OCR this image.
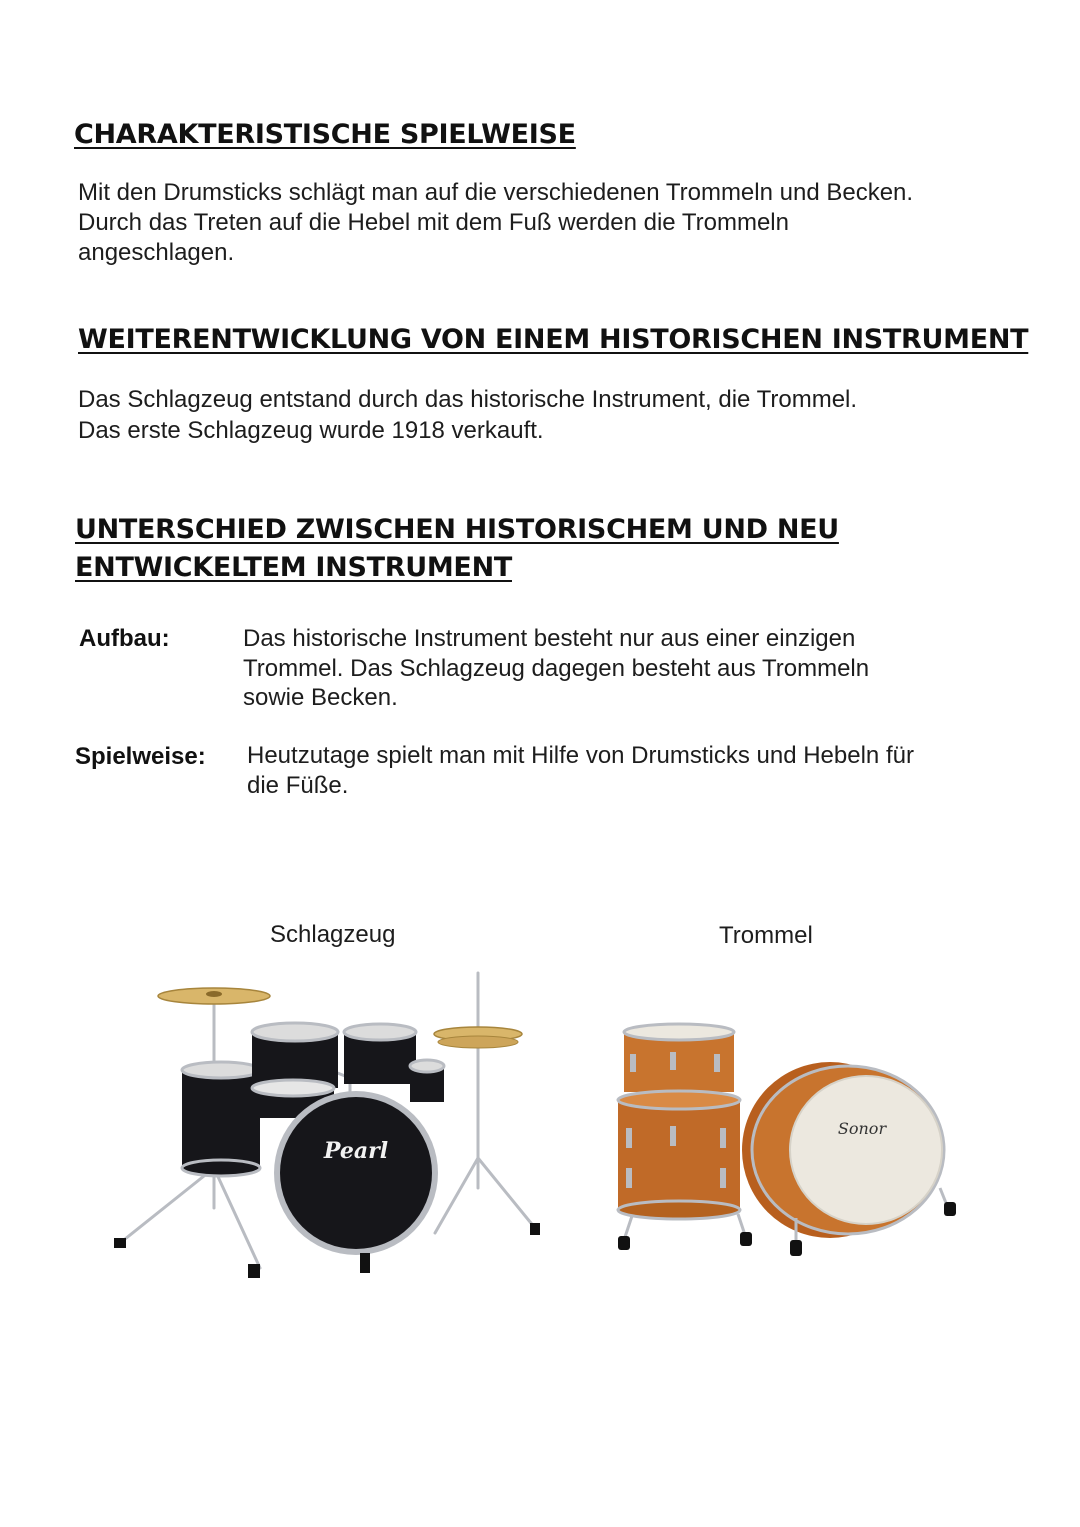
CHARAKTERISTISCHE SPIELWEISE

Mit den Drumsticks schlägt man auf die verschiedenen Trommeln und Becken.

Durch das Treten auf die Hebel mit dem Fuß werden die Trommeln

angeschlagen.

WEITERENTWICKLUNG VON EINEM HISTORISCHEN INSTRUMENT

Das Schlagzeug entstand durch das historische Instrument, die Trommel.

Das erste Schlagzeug wurde 1918 verkauft.

UNTERSCHIED ZWISCHEN HISTORISCHEM UND NEU
ENTWICKELTEM INSTRUMENT

Aufbau:	Das historische Instrument besteht nur aus einer einzigen

Trommel. Das Schlagzeug dagegen besteht aus Trommeln

sowie Becken.

Spielweise: Heutzutage spielt man mit Hilfe von Drumsticks und Hebeln für

die Füße.

Schlagzeug	Trommel

Pearl
Sonor
